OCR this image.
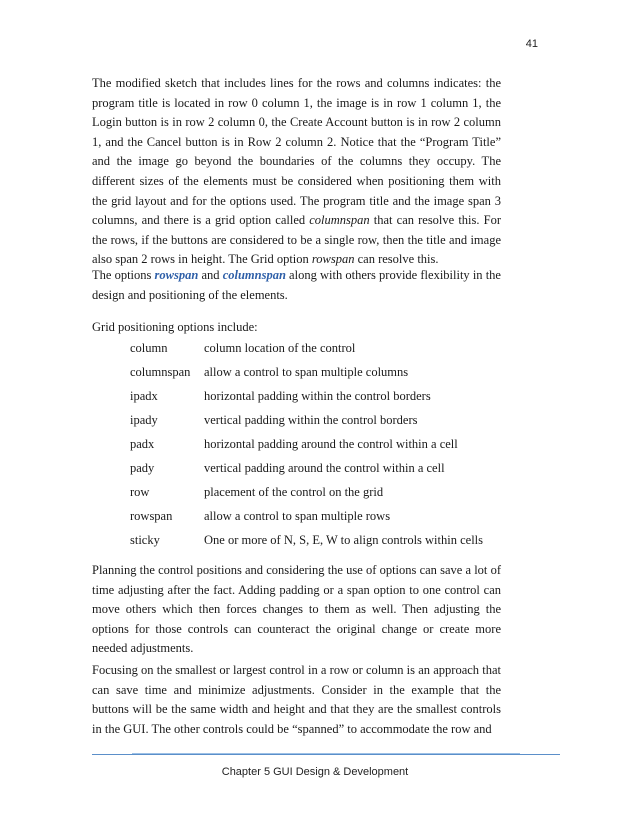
41

The modified sketch that includes lines for the rows and columns indicates: the program title is located in row 0 column 1, the image is in row 1 column 1, the Login button is in row 2 column 0, the Create Account button is in row 2 column 1, and the Cancel button is in Row 2 column 2. Notice that the “Program Title” and the image go beyond the boundaries of the columns they occupy. The different sizes of the elements must be considered when positioning them with the grid layout and for the options used. The program title and the image span 3 columns, and there is a grid option called columnspan that can resolve this. For the rows, if the buttons are considered to be a single row, then the title and image also span 2 rows in height. The Grid option rowspan can resolve this.

The options rowspan and columnspan along with others provide flexibility in the design and positioning of the elements.

Grid positioning options include:

column	column location of the control
columnspan	allow a control to span multiple columns
ipadx	horizontal padding within the control borders
ipady	vertical padding within the control borders
padx	horizontal padding around the control within a cell
pady	vertical padding around the control within a cell
row	placement of the control on the grid
rowspan	allow a control to span multiple rows
sticky	One or more of N, S, E, W to align controls within cells

Planning the control positions and considering the use of options can save a lot of time adjusting after the fact. Adding padding or a span option to one control can move others which then forces changes to them as well. Then adjusting the options for those controls can counteract the original change or create more needed adjustments.

Focusing on the smallest or largest control in a row or column is an approach that can save time and minimize adjustments. Consider in the example that the buttons will be the same width and height and that they are the smallest controls in the GUI. The other controls could be “spanned” to accommodate the row and

Chapter 5 GUI Design & Development
